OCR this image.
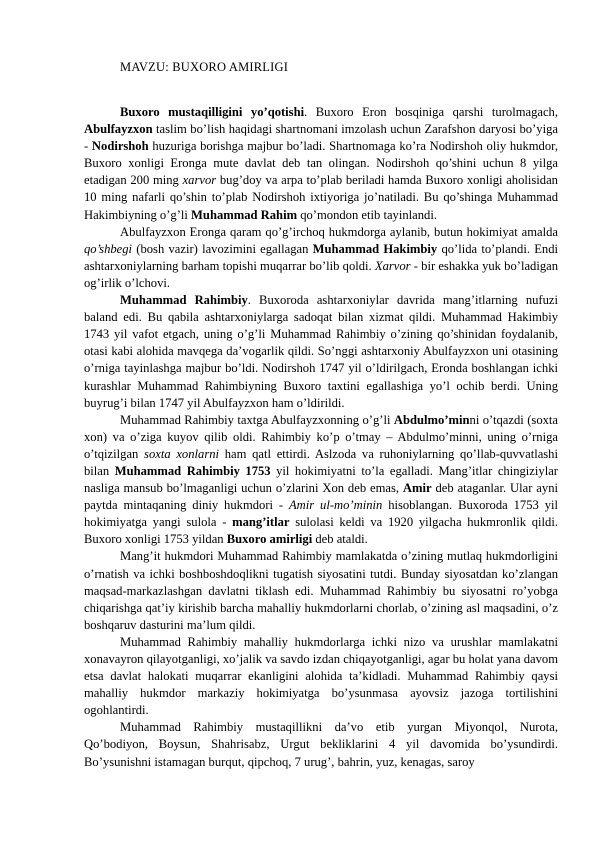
MAVZU: BUXORO AMIRLIGI

Buxoro mustaqilligini yo’qotishi. Buxoro Eron bosqiniga qarshi turolmagach, Abulfayzxon taslim bo’lish haqidagi shartnomani imzolash uchun Zarafshon daryosi bo’yiga - Nodirshoh huzuriga borishga majbur bo’ladi. Shartnomaga ko’ra Nodirshoh oliy hukmdor, Buxoro xonligi Eronga mute davlat deb tan olingan. Nodirshoh qo’shini uchun 8 yilga etadigan 200 ming xarvor bug’doy va arpa to’plab beriladi hamda Buxoro xonligi aholisidan 10 ming nafarli qo’shin to’plab Nodirshoh ixtiyoriga jo’natiladi. Bu qo’shinga Muhammad Hakimbiyning o’g’li Muhammad Rahim qo’mondon etib tayinlandi.

Abulfayzxon Eronga qaram qo’g’irchoq hukmdorga aylanib, butun hokimiyat amalda qo’shbegi (bosh vazir) lavozimini egallagan Muhammad Hakimbiy qo’lida to’plandi. Endi ashtarxoniylarning barham topishi muqarrar bo’lib qoldi. Xarvor - bir eshakka yuk bo’ladigan og’irlik o’lchovi.

Muhammad Rahimbiy. Buxoroda ashtarxoniylar davrida mang’itlarning nufuzi baland edi. Bu qabila ashtarxoniylarga sadoqat bilan xizmat qildi. Muhammad Hakimbiy 1743 yil vafot etgach, uning o’g’li Muhammad Rahimbiy o’zining qo’shinidan foydalanib, otasi kabi alohida mavqega da’vogarlik qildi. So’nggi ashtarxoniy Abulfayzxon uni otasining o’rniga tayinlashga majbur bo’ldi. Nodirshoh 1747 yil o’ldirilgach, Eronda boshlangan ichki kurashlar Muhammad Rahimbiyning Buxoro taxtini egallashiga yo’l ochib berdi. Uning buyrug’i bilan 1747 yil Abulfayzxon ham o’ldirildi.

Muhammad Rahimbiy taxtga Abulfayzxonning o’g’li Abdulmo’minni o’tqazdi (soxta xon) va o’ziga kuyov qilib oldi. Rahimbiy ko’p o’tmay – Abdulmo’minni, uning o’rniga o’tqizilgan soxta xonlarni ham qatl ettirdi. Aslzoda va ruhoniylarning qo’llab-quvvatlashi bilan Muhammad Rahimbiy 1753 yil hokimiyatni to’la egalladi. Mang’itlar chingiziylar nasliga mansub bo’lmaganligi uchun o’zlarini Xon deb emas, Amir deb ataganlar. Ular ayni paytda mintaqaning diniy hukmdori - Amir ul-mo’minin hisoblangan. Buxoroda 1753 yil hokimiyatga yangi sulola - mang’itlar sulolasi keldi va 1920 yilgacha hukmronlik qildi. Buxoro xonligi 1753 yildan Buxoro amirligi deb ataldi.

Mang’it hukmdori Muhammad Rahimbiy mamlakatda o’zining mutlaq hukmdorligini o’rnatish va ichki boshboshdoqlikni tugatish siyosatini tutdi. Bunday siyosatdan ko’zlangan maqsad-markazlashgan davlatni tiklash edi. Muhammad Rahimbiy bu siyosatni ro’yobga chiqarishga qat’iy kirishib barcha mahalliy hukmdorlarni chorlab, o’zining asl maqsadini, o’z boshqaruv dasturini ma’lum qildi.

Muhammad Rahimbiy mahalliy hukmdorlarga ichki nizo va urushlar mamlakatni xonavayron qilayotganligi, xo’jalik va savdo izdan chiqayotganligi, agar bu holat yana davom etsa davlat halokati muqarrar ekanligini alohida ta’kidladi. Muhammad Rahimbiy qaysi mahalliy hukmdor markaziy hokimiyatga bo’ysunmasa ayovsiz jazoga tortilishini ogohlantirdi.

Muhammad Rahimbiy mustaqillikni da’vo etib yurgan Miyonqol, Nurota, Qo’bodiyon, Boysun, Shahrisabz, Urgut bekliklarini 4 yil davomida bo’ysundirdi. Bo’ysunishni istamagan burqut, qipchoq, 7 urug’, bahrin, yuz, kenagas, saroy
